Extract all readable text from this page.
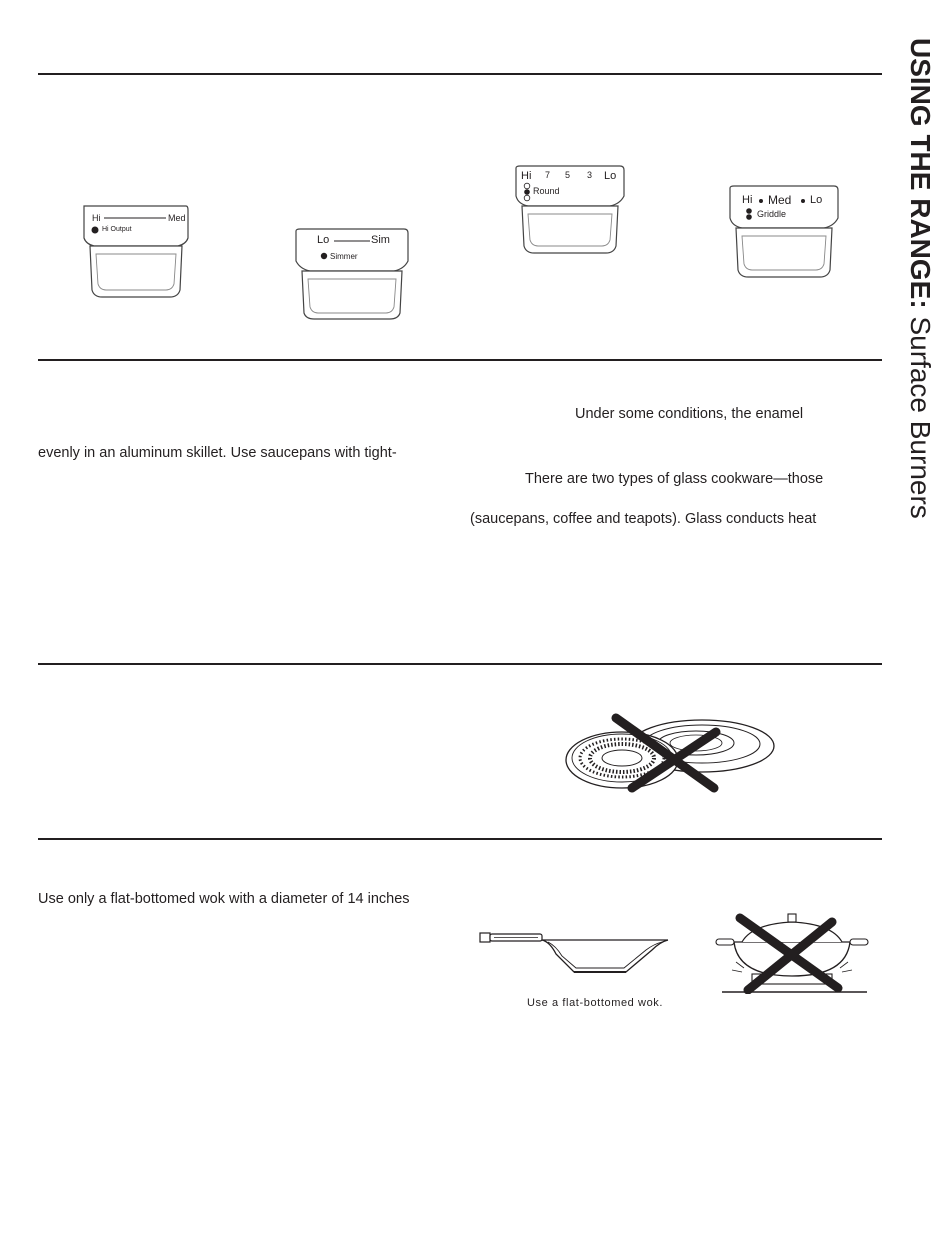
USING THE RANGE: Surface Burners
Hi	Med
Hi Output
Lo	Sim
Simmer
Hi 7 5 3 Lo
Round
Hi Med Lo
Griddle
Under some conditions, the enamel
evenly in an aluminum skillet. Use saucepans with tight-
There are two types of glass cookware—those
(saucepans, coffee and teapots). Glass conducts heat
Use only a flat-bottomed wok with a diameter of 14 inches
Use a flat-bottomed wok.
